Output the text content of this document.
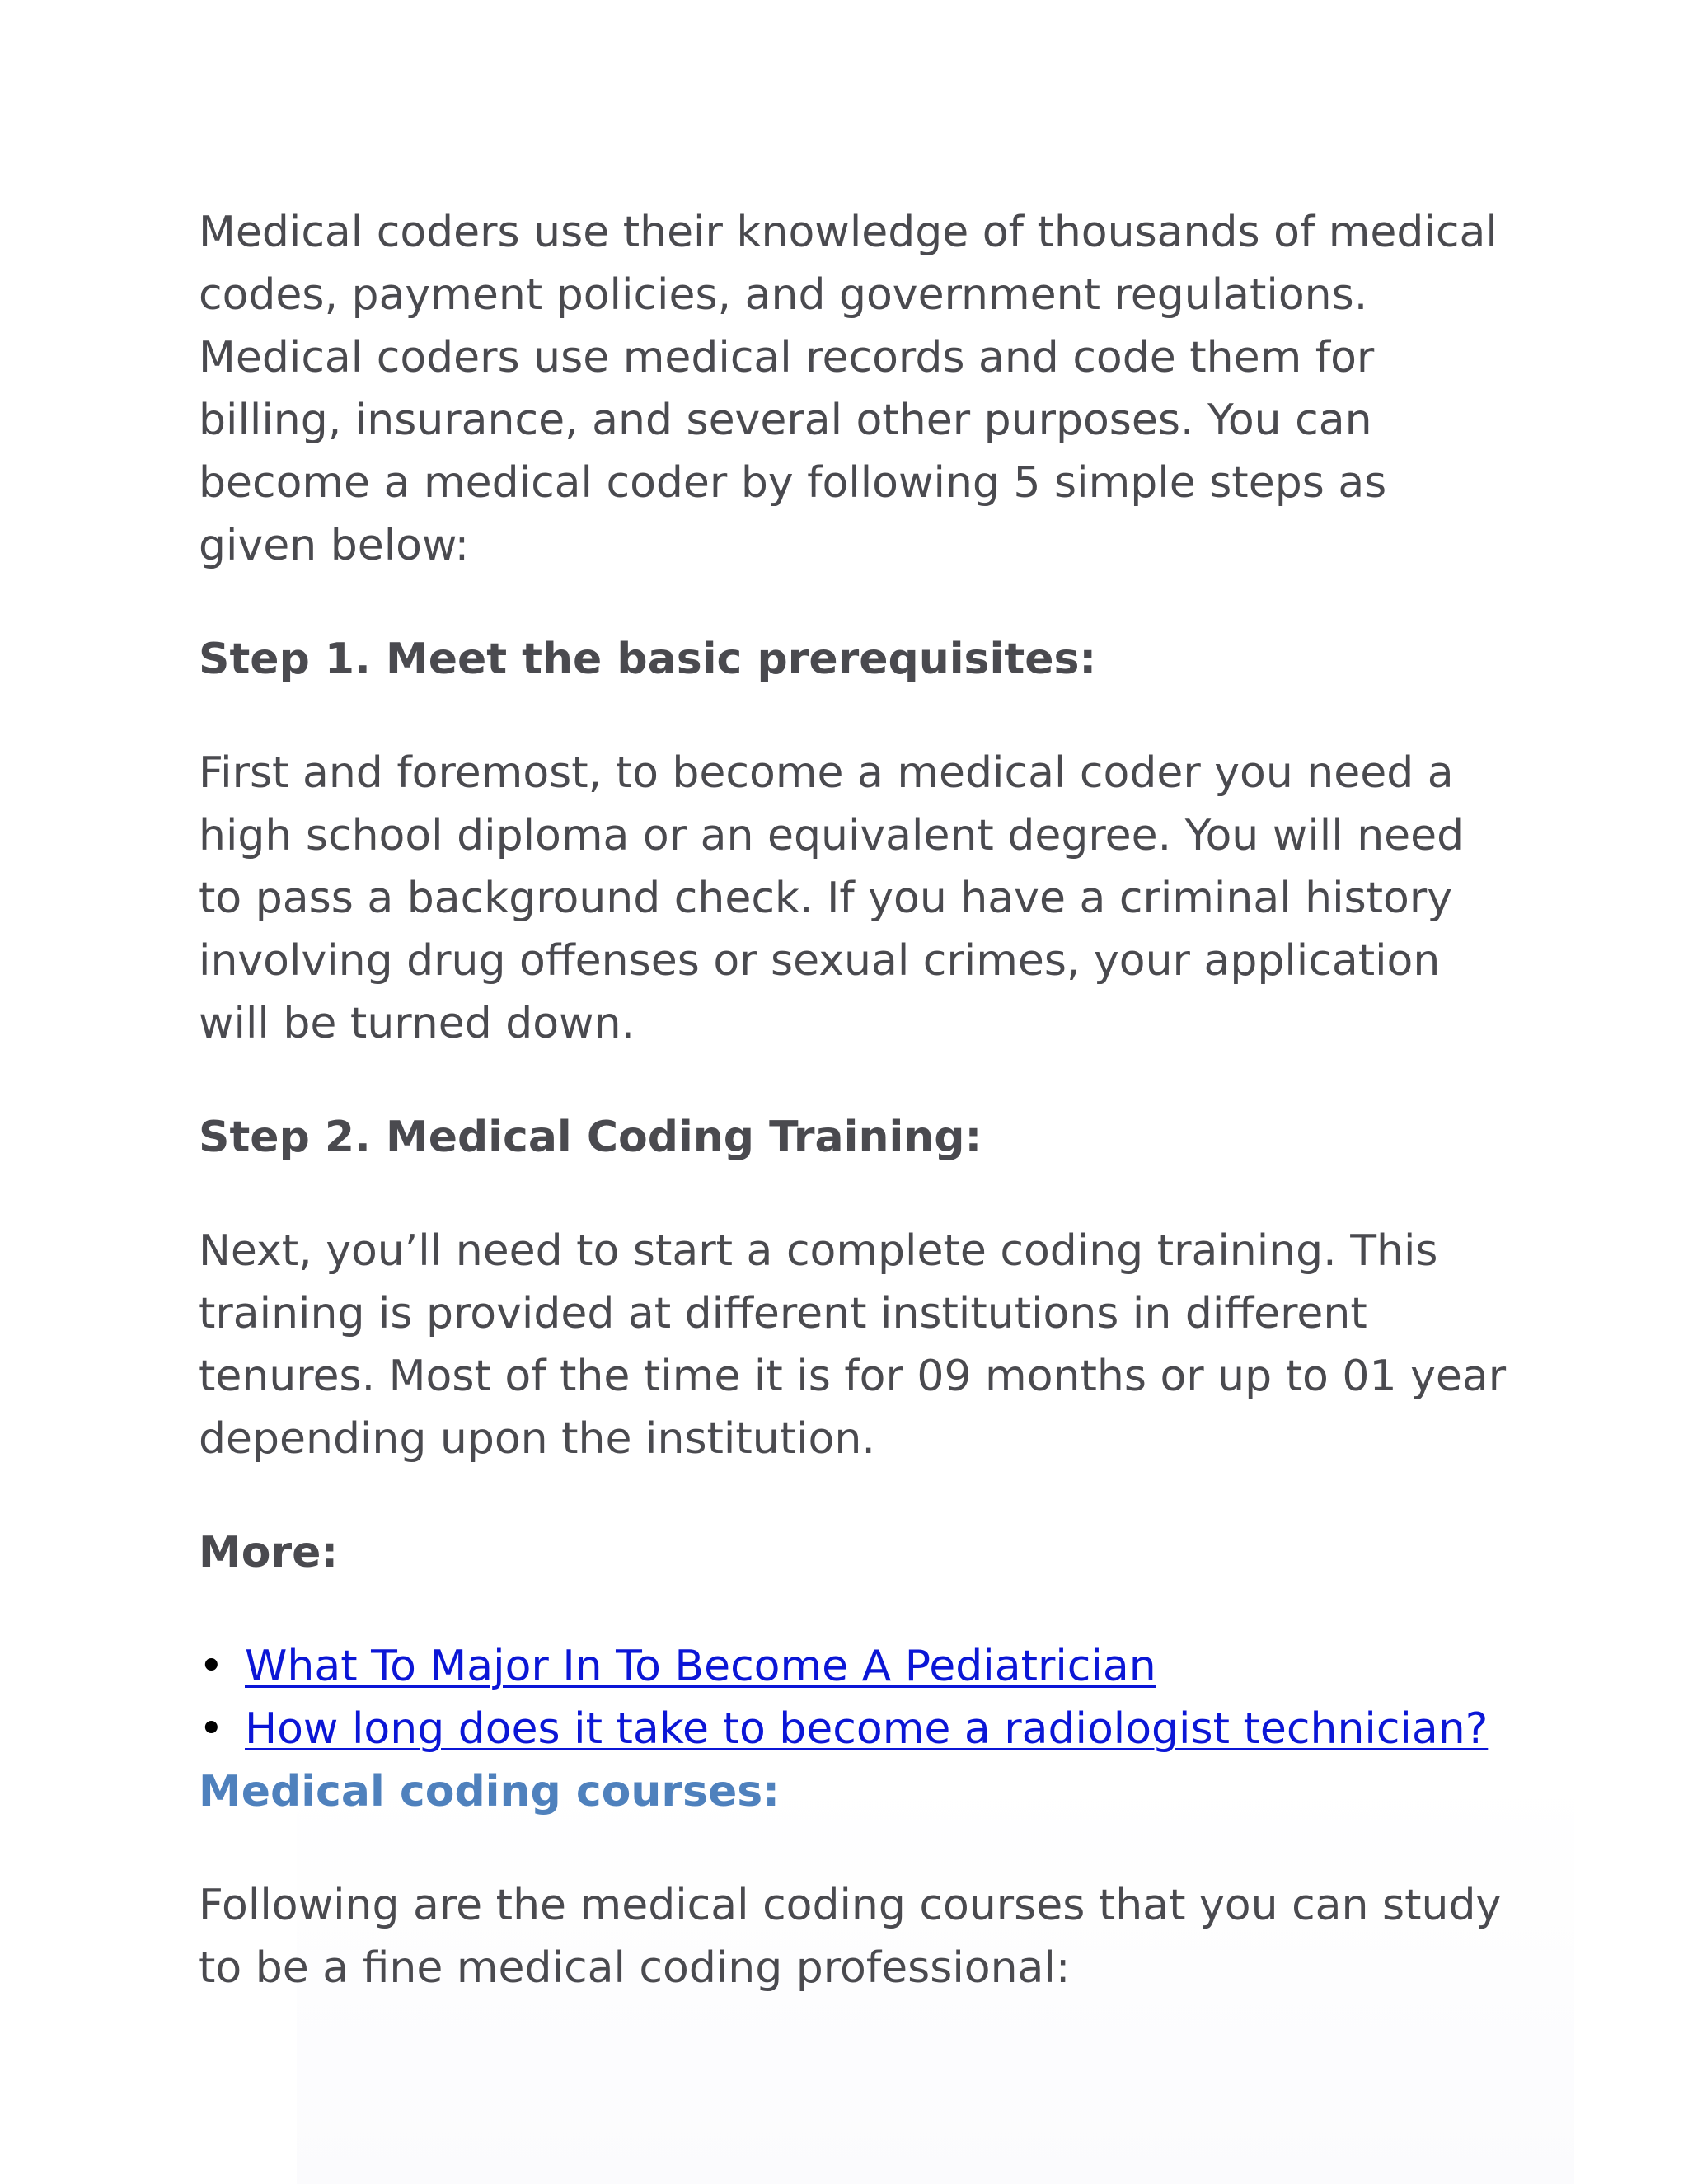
Medical coders use their knowledge of thousands of medical codes, payment policies, and government regulations. Medical coders use medical records and code them for billing, insurance, and several other purposes. You can become a medical coder by following 5 simple steps as given below:

Step 1. Meet the basic prerequisites:

First and foremost, to become a medical coder you need a high school diploma or an equivalent degree. You will need to pass a background check. If you have a criminal history involving drug offenses or sexual crimes, your application will be turned down.

Step 2. Medical Coding Training:

Next, you’ll need to start a complete coding training. This training is provided at different institutions in different tenures. Most of the time it is for 09 months or up to 01 year depending upon the institution.

More:

• What To Major In To Become A Pediatrician
• How long does it take to become a radiologist technician?

Medical coding courses:

Following are the medical coding courses that you can study to be a fine medical coding professional:
